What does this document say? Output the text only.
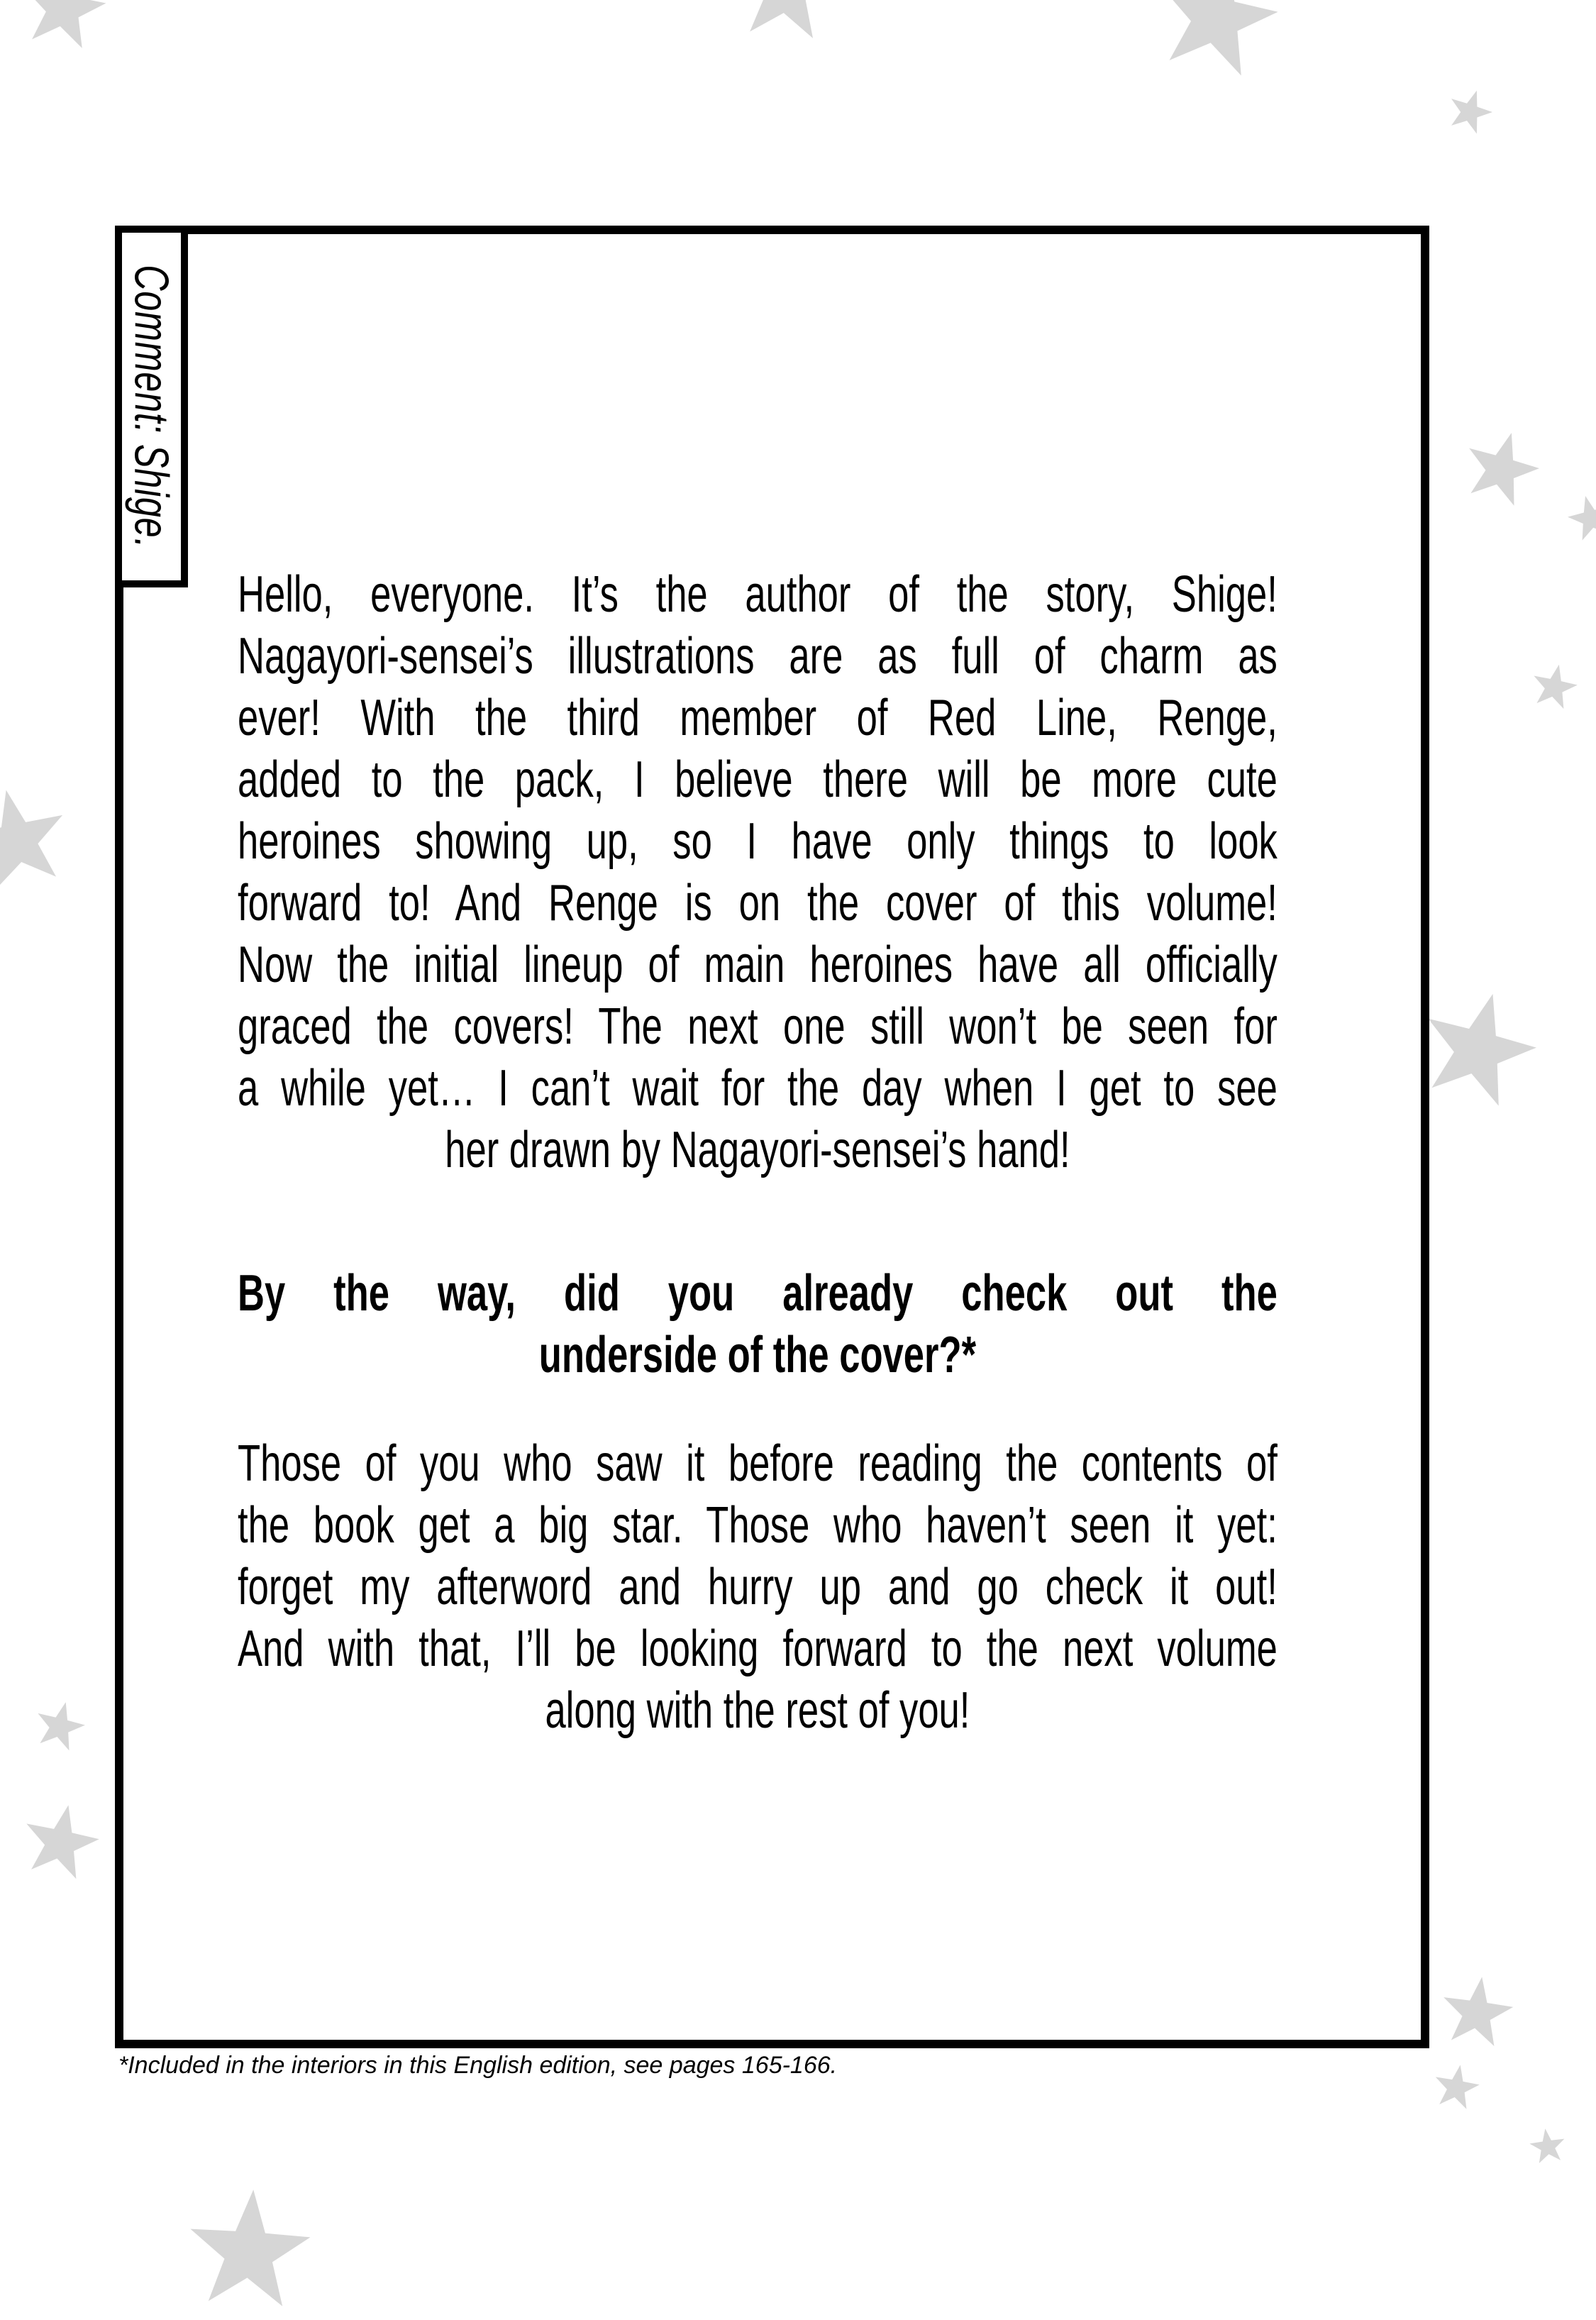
Comment: Shige.
Hello, everyone. It’s the author of the story, Shige!
Nagayori-sensei’s illustrations are as full of charm as
ever! With the third member of Red Line, Renge,
added to the pack, I believe there will be more cute
heroines showing up, so I have only things to look
forward to! And Renge is on the cover of this volume!
Now the initial lineup of main heroines have all officially
graced the covers! The next one still won’t be seen for
a while yet… I can’t wait for the day when I get to see
her drawn by Nagayori-sensei’s hand!
By the way, did you already check out the
underside of the cover?*
Those of you who saw it before reading the contents of
the book get a big star. Those who haven’t seen it yet:
forget my afterword and hurry up and go check it out!
And with that, I’ll be looking forward to the next volume
along with the rest of you!
*Included in the interiors in this English edition, see pages 165-166.
